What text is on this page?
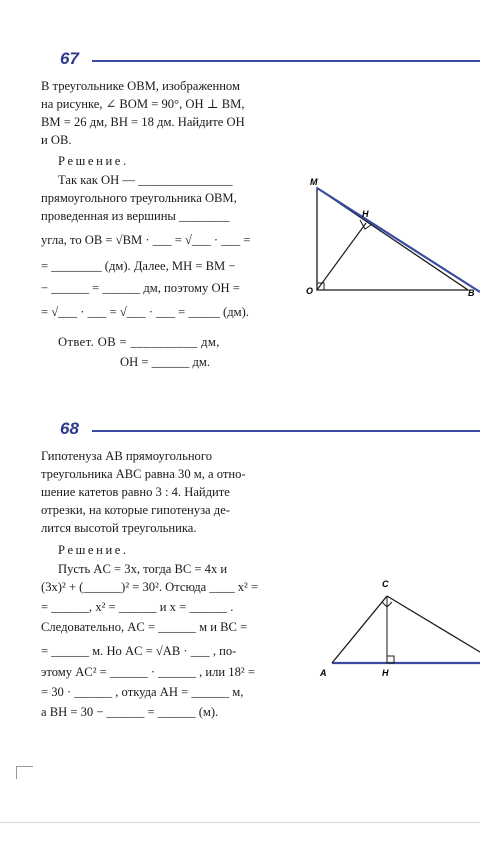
67
В треугольнике OBM, изображенном
на рисунке, ∠ BOM = 90°, OH ⊥ BM,
BM = 26 дм, BH = 18 дм. Найдите OH
и OB.
Решение.
Так как OH — _______________
прямоугольного треугольника OBM,
проведенная из вершины ________
угла, то OB = √BM · ___ = √___ · ___ =
= ________ (дм). Далее, MH = BM −
− ______ = ______ дм, поэтому OH =
= √___ · ___ = √___ · ___ = _____ (дм).
Ответ. OB = __________ дм,
OH = ______ дм.
M
H
O	B
68
Гипотенуза AB прямоугольного
треугольника ABC равна 30 м, а отно-
шение катетов равно 3 : 4. Найдите
отрезки, на которые гипотенуза де-
лится высотой треугольника.
Решение.
Пусть AC = 3x, тогда BC = 4x и
(3x)² + (______)² = 30². Отсюда ____ x² =
= ______, x² = ______ и x = ______ .
Следовательно, AC = ______ м и BC =
= ______ м. Но AC = √AB · ___ , по-
этому AC² = ______ · ______ , или 18² =
= 30 · ______ , откуда AH = ______ м,
а BH = 30 − ______ = ______ (м).
C
A	H
